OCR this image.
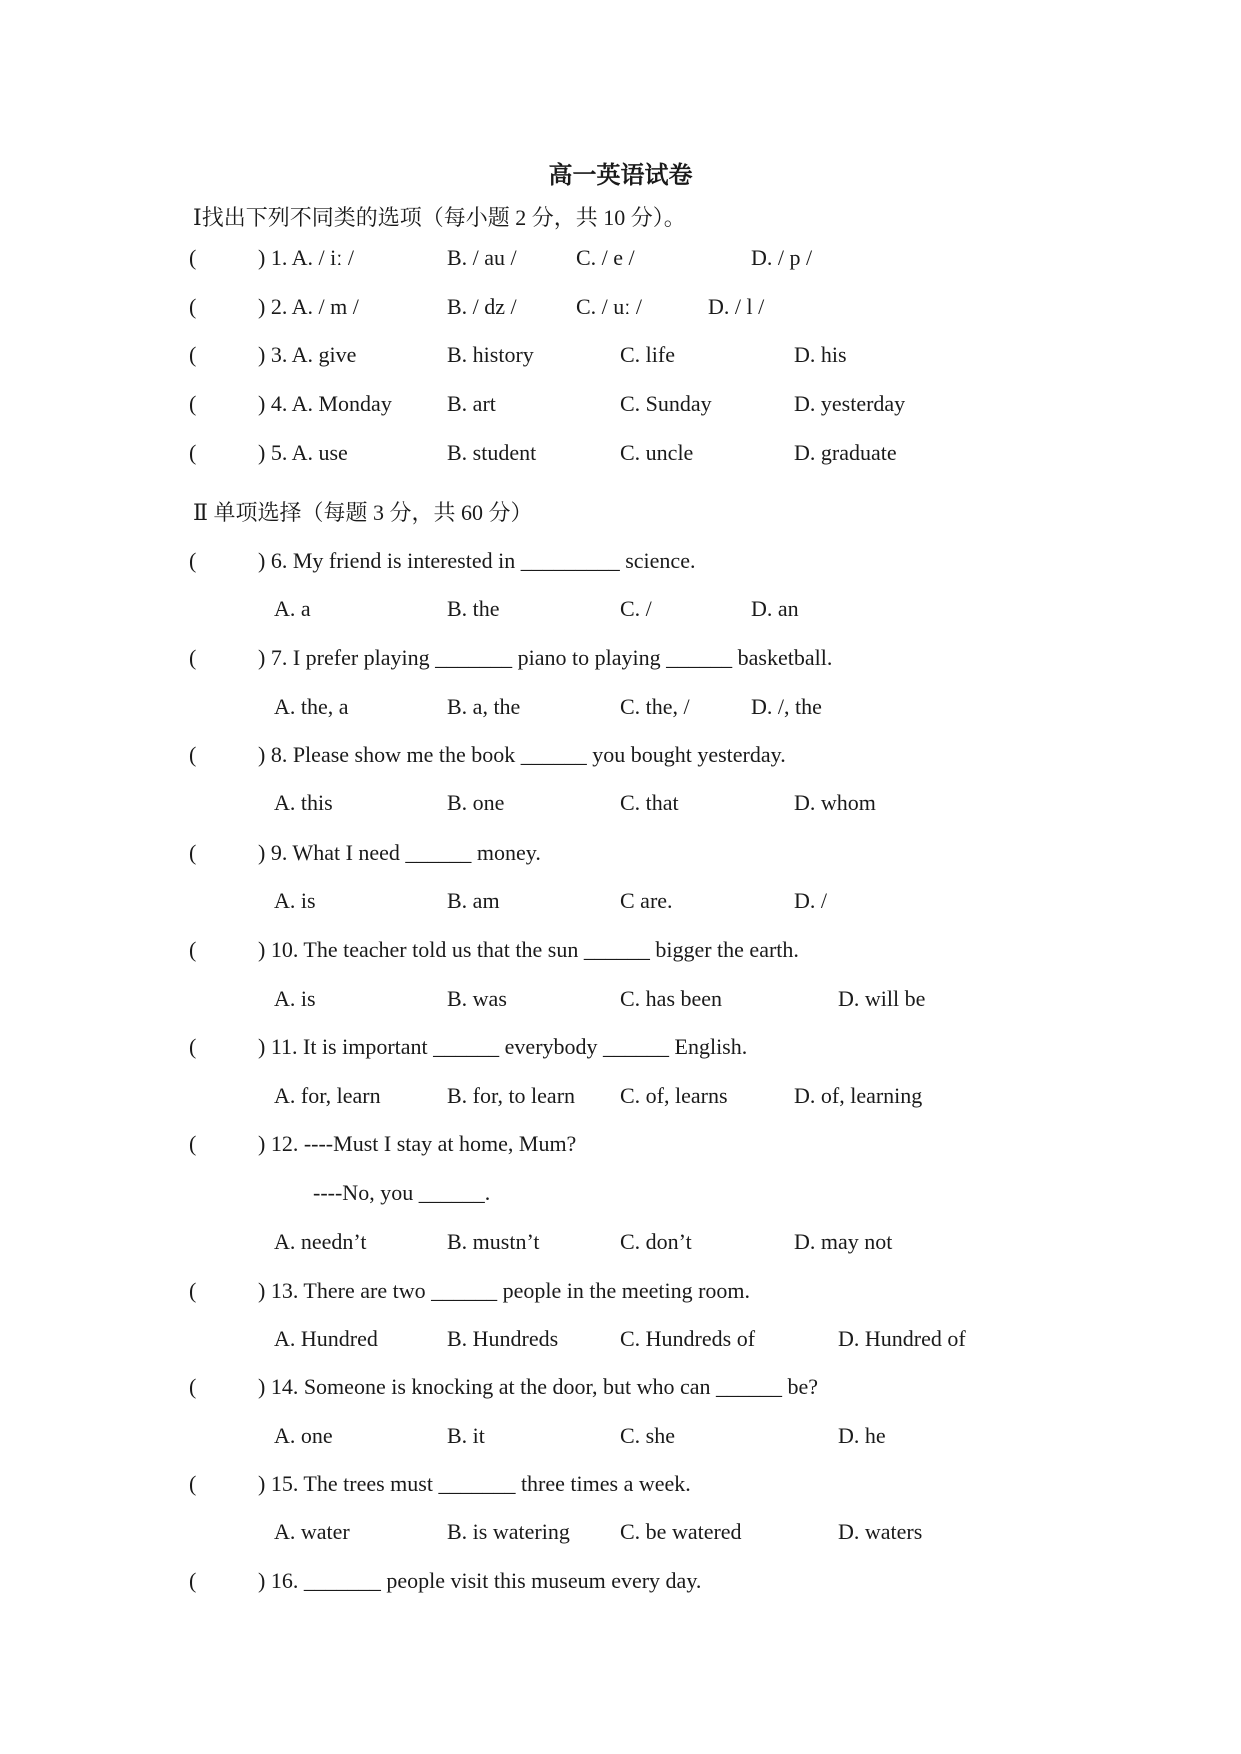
高一英语试卷
Ⅰ找出下列不同类的选项（每小题 2 分，共 10 分）。
(	) 1. A. / iː /	B. / au /	C. / e /	D. / p /
(	) 2. A. / m /	B. / dz /	C. / uː /	D. / l /
(	) 3. A. give	B. history	C. life	D. his
(	) 4. A. Monday	B. art	C. Sunday	D. yesterday
(	) 5. A. use	B. student	C. uncle	D. graduate
Ⅱ 单项选择（每题 3 分，共 60 分）
(	) 6. My friend is interested in _________ science.
A. a	B. the	C. /	D. an
(	) 7. I prefer playing _______ piano to playing ______ basketball.
A. the, a	B. a, the	C. the, /	D. /, the
(	) 8. Please show me the book ______ you bought yesterday.
A. this	B. one	C. that	D. whom
(	) 9. What I need ______ money.
A. is	B. am	C are.	D. /
(	) 10. The teacher told us that the sun ______ bigger the earth.
A. is	B. was	C. has been	D. will be
(	) 11. It is important ______ everybody ______ English.
A. for, learn	B. for, to learn C. of, learns	D. of, learning
(	) 12. ----Must I stay at home, Mum?
----No, you ______.
A. needn’t	B. mustn’t	C. don’t	D. may not
(	) 13. There are two ______ people in the meeting room.
A. Hundred	B. Hundreds	C. Hundreds of	D. Hundred of
(	) 14. Someone is knocking at the door, but who can ______ be?
A. one	B. it	C. she	D. he
(	) 15. The trees must _______ three times a week.
A. water	B. is watering C. be watered	D. waters
(	) 16. _______ people visit this museum every day.
